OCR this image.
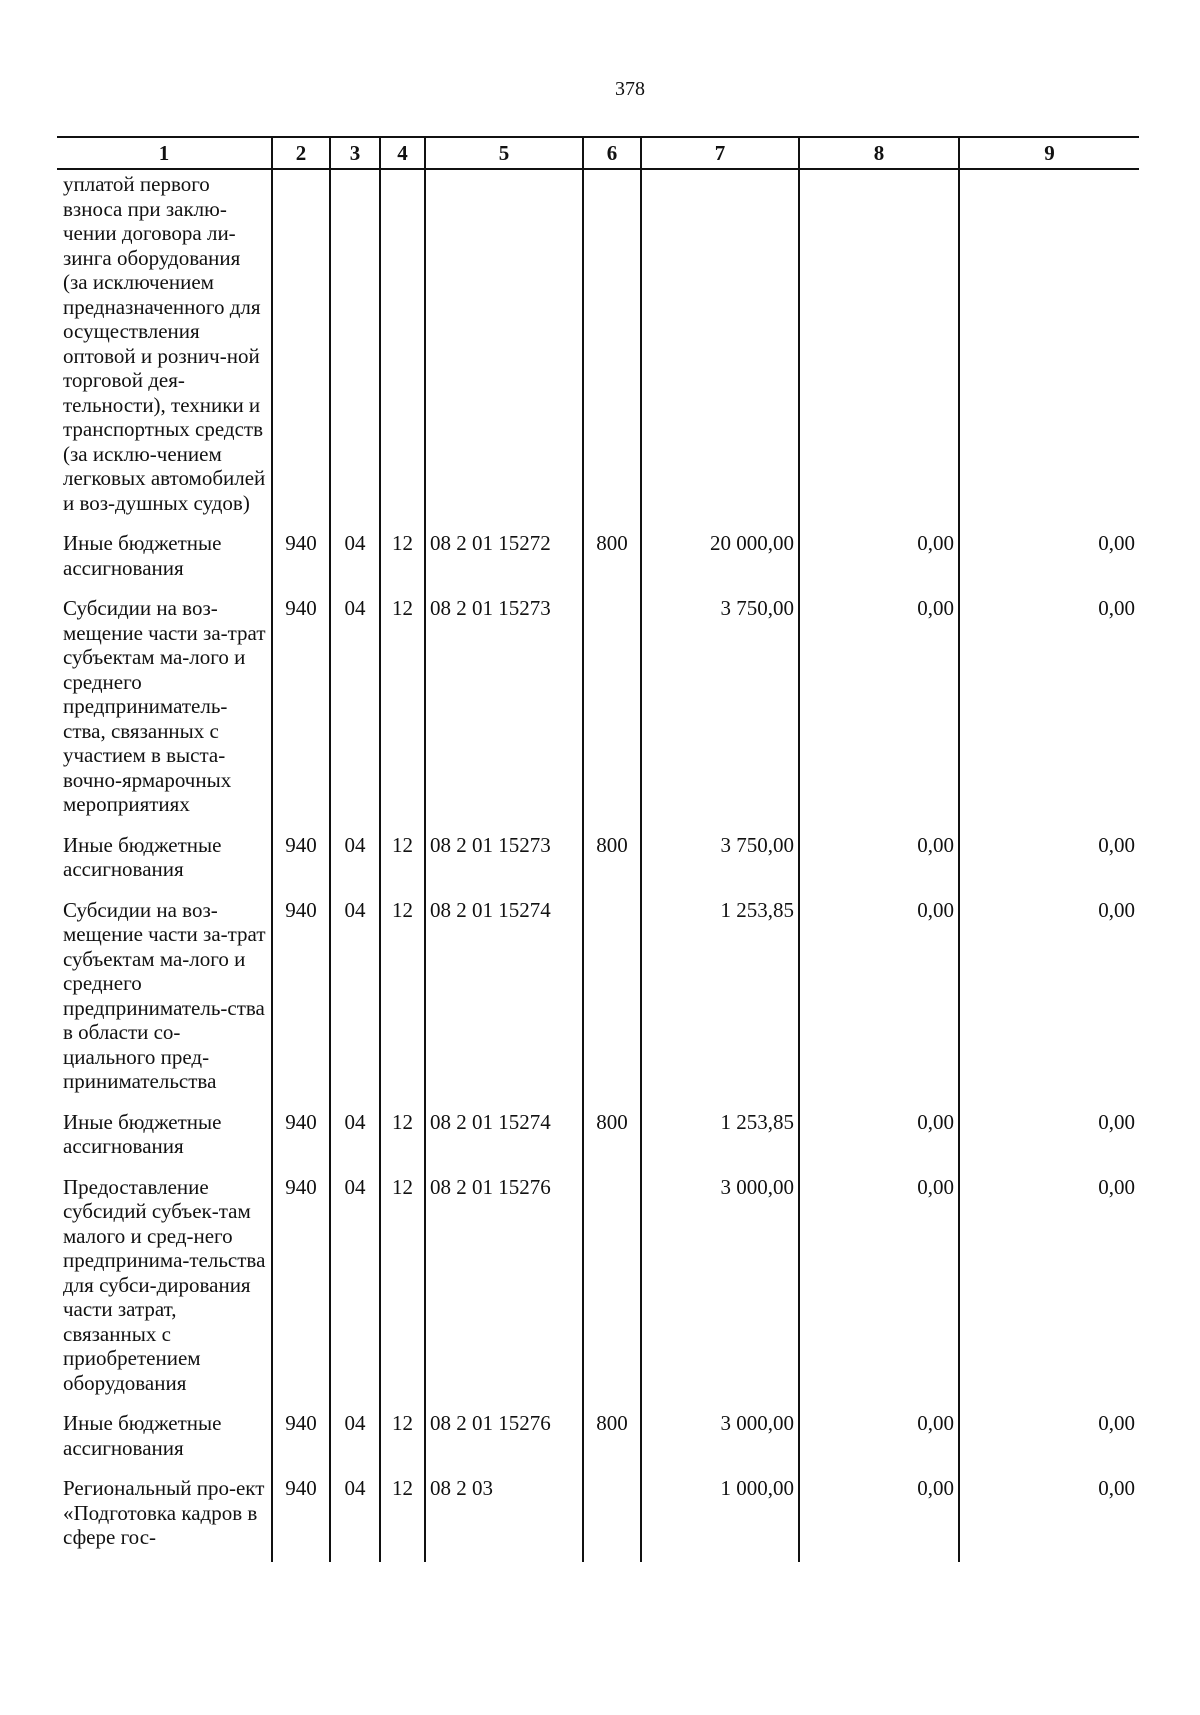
378
1	2	3	4	5	6	7	8	9
уплатой первого взноса при заклю-чении договора ли-зинга оборудования (за исключением предназначенного для осуществления оптовой и рознич-ной торговой дея-тельности), техники и транспортных средств (за исклю-чением легковых автомобилей и воз-душных судов)								
Иные бюджетные ассигнования	940	04	12	08 2 01 15272	800	20 000,00	0,00	0,00
Субсидии на воз-мещение части за-трат субъектам ма-лого и среднего предприниматель-ства, связанных с участием в выста-вочно-ярмарочных мероприятиях	940	04	12	08 2 01 15273		3 750,00	0,00	0,00
Иные бюджетные ассигнования	940	04	12	08 2 01 15273	800	3 750,00	0,00	0,00
Субсидии на воз-мещение части за-трат субъектам ма-лого и среднего предприниматель-ства в области со-циального пред-принимательства	940	04	12	08 2 01 15274		1 253,85	0,00	0,00
Иные бюджетные ассигнования	940	04	12	08 2 01 15274	800	1 253,85	0,00	0,00
Предоставление субсидий субъек-там малого и сред-него предпринима-тельства для субси-дирования части затрат, связанных с приобретением оборудования	940	04	12	08 2 01 15276		3 000,00	0,00	0,00
Иные бюджетные ассигнования	940	04	12	08 2 01 15276	800	3 000,00	0,00	0,00
Региональный про-ект «Подготовка кадров в сфере гос-	940	04	12	08 2 03		1 000,00	0,00	0,00
